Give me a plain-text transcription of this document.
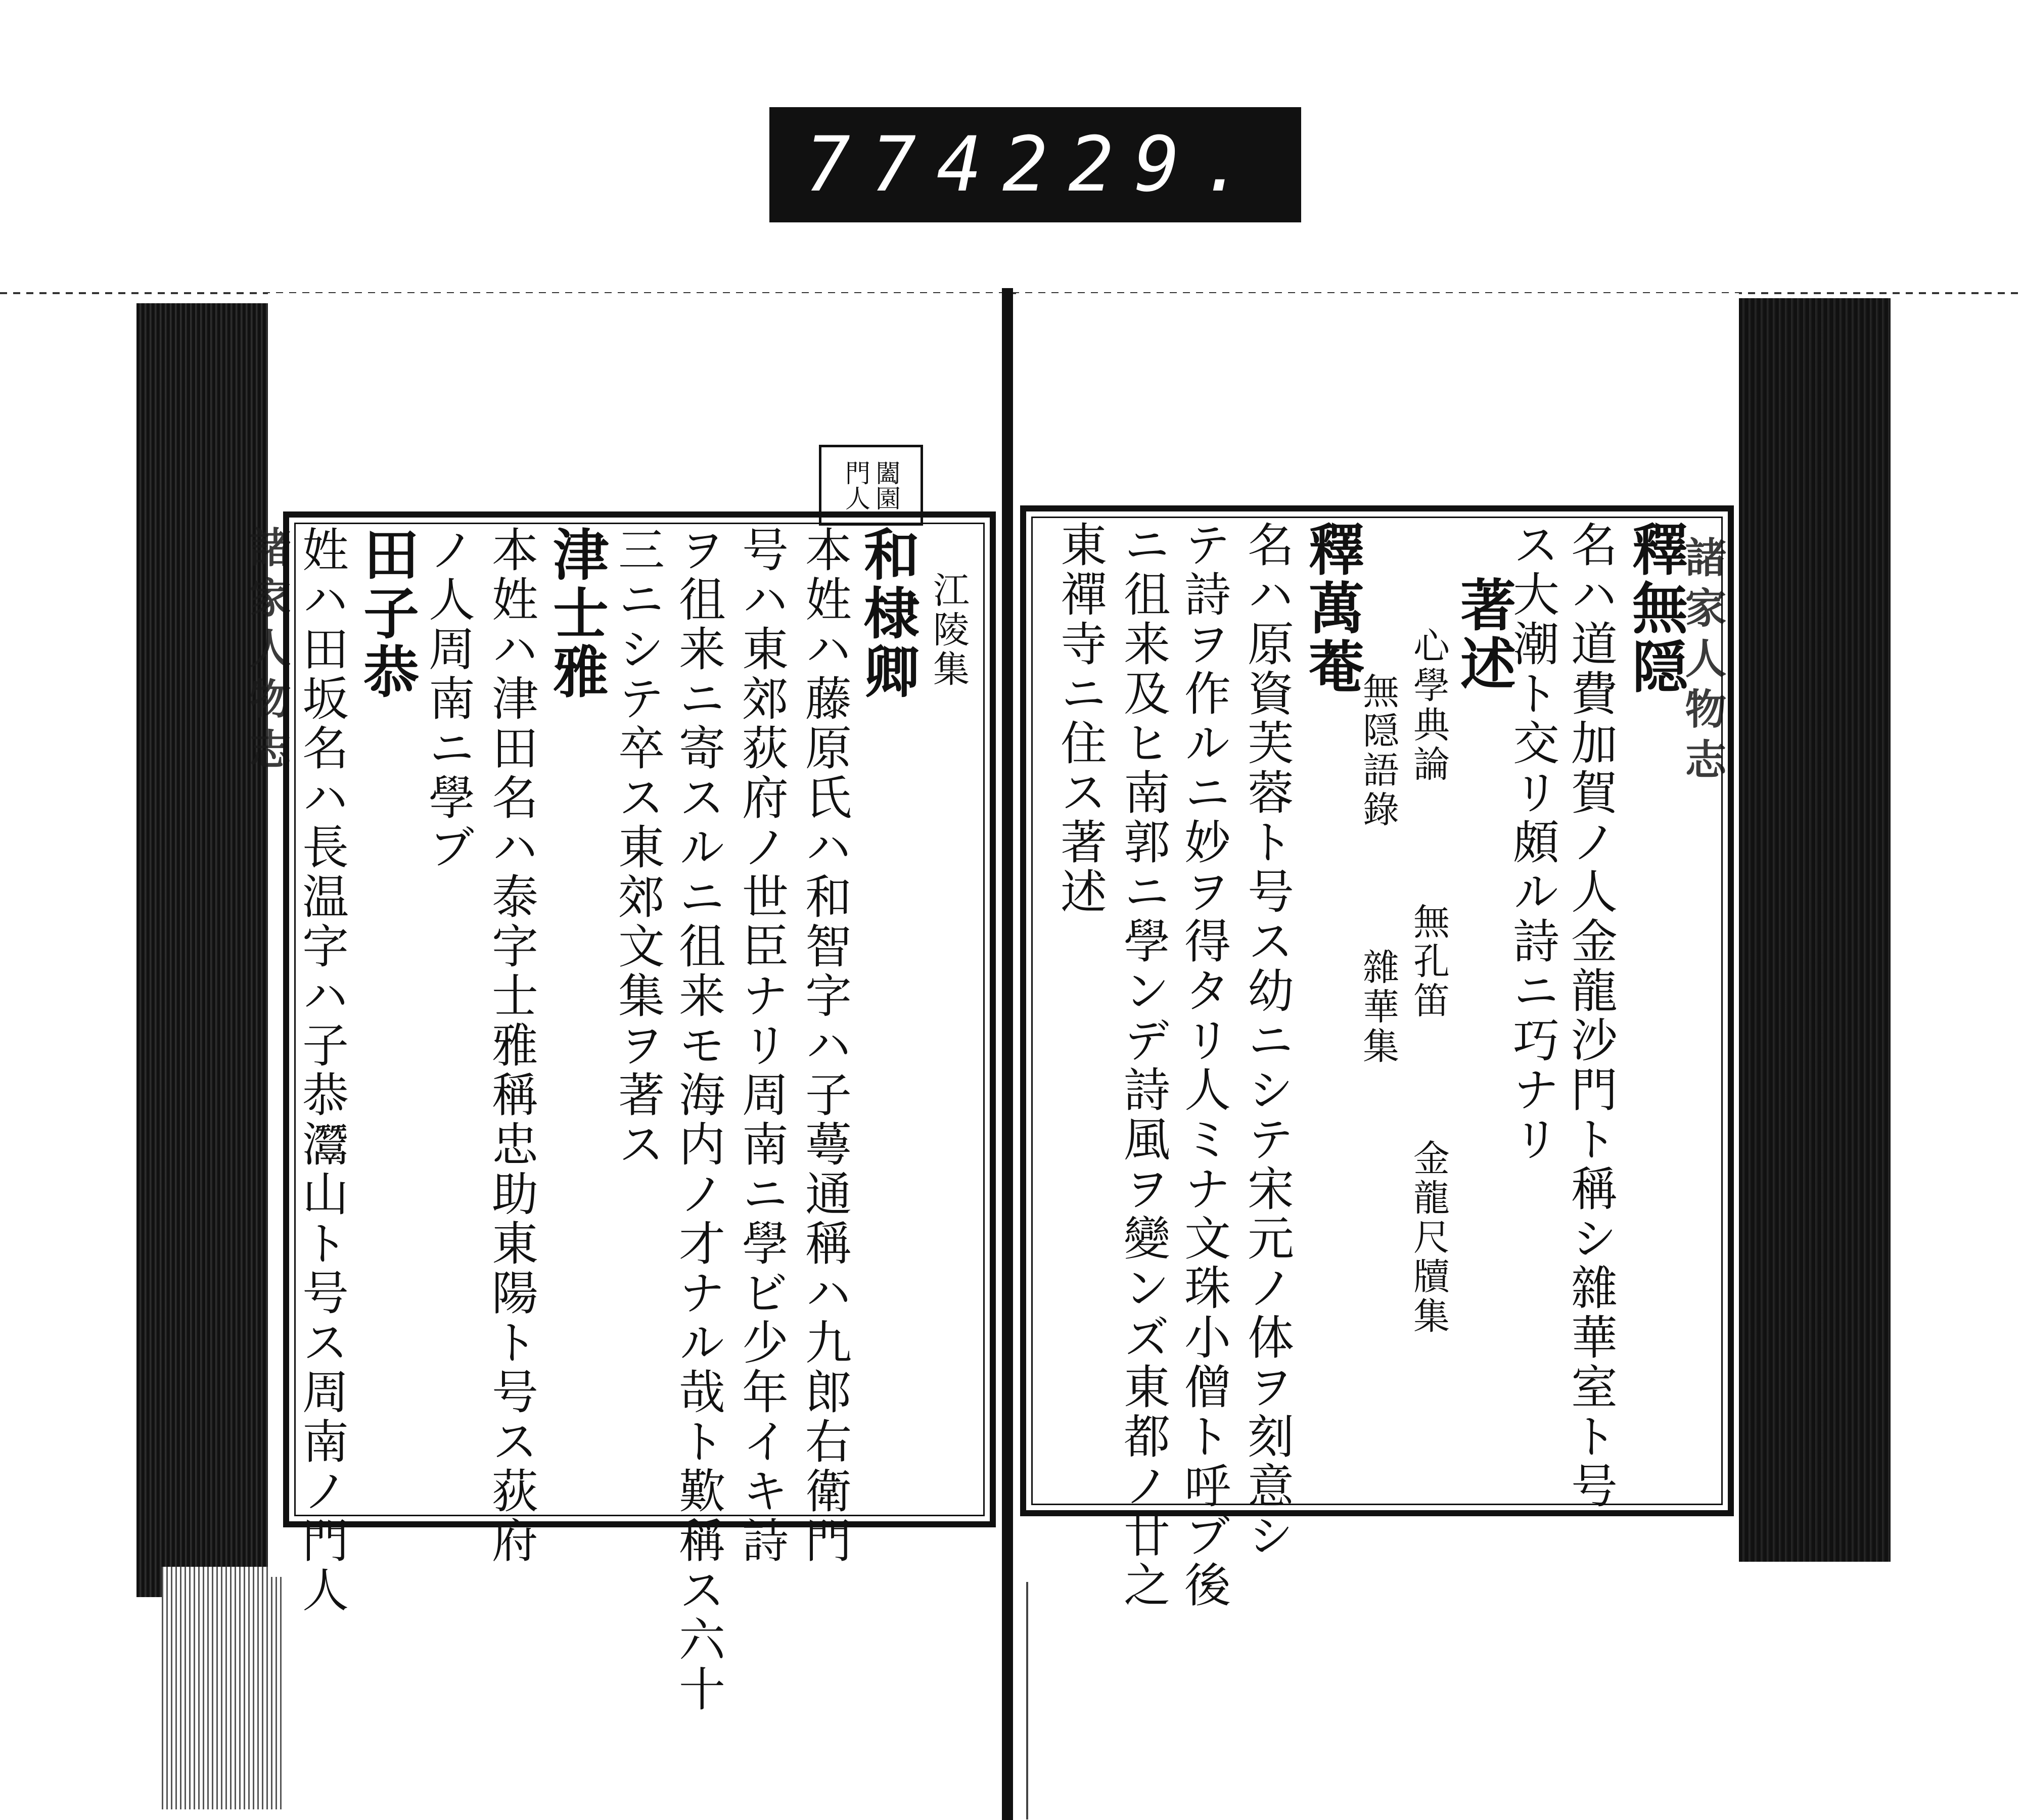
774 229.
諸家人物志	諸家人物志
闔園
門人
江陵集
和棣卿
本姓ハ藤原氏ハ和智字ハ子蕚通稱ハ九郎右衛門
号ハ東郊荻府ノ世臣ナリ周南ニ學ビ少年イキ詩
ヲ徂来ニ寄スルニ徂来モ海内ノ才ナル哉ト歎稱ス六十
三ニシテ卒ス東郊文集ヲ著ス
津士雅
本姓ハ津田名ハ泰字士雅稱忠助東陽ト号ス荻府
ノ人周南ニ學ブ
田子恭
姓ハ田坂名ハ長温字ハ子恭灊山ト号ス周南ノ門人	釋無隠
名ハ道費加賀ノ人金龍沙門ト稱シ雜華室ト号
ス大潮ト交リ頗ル詩ニ巧ナリ
著述
心學典論　　　無孔笛　　　金龍尺牘集
無隠語錄　　　雜華集
釋萬菴
名ハ原資芙蓉ト号ス幼ニシテ宋元ノ体ヲ刻意シ
テ詩ヲ作ルニ妙ヲ得タリ人ミナ文珠小僧ト呼ブ後
ニ徂来及ヒ南郭ニ學ンデ詩風ヲ變ンズ東都ノ廿之
東禪寺ニ住ス著述
